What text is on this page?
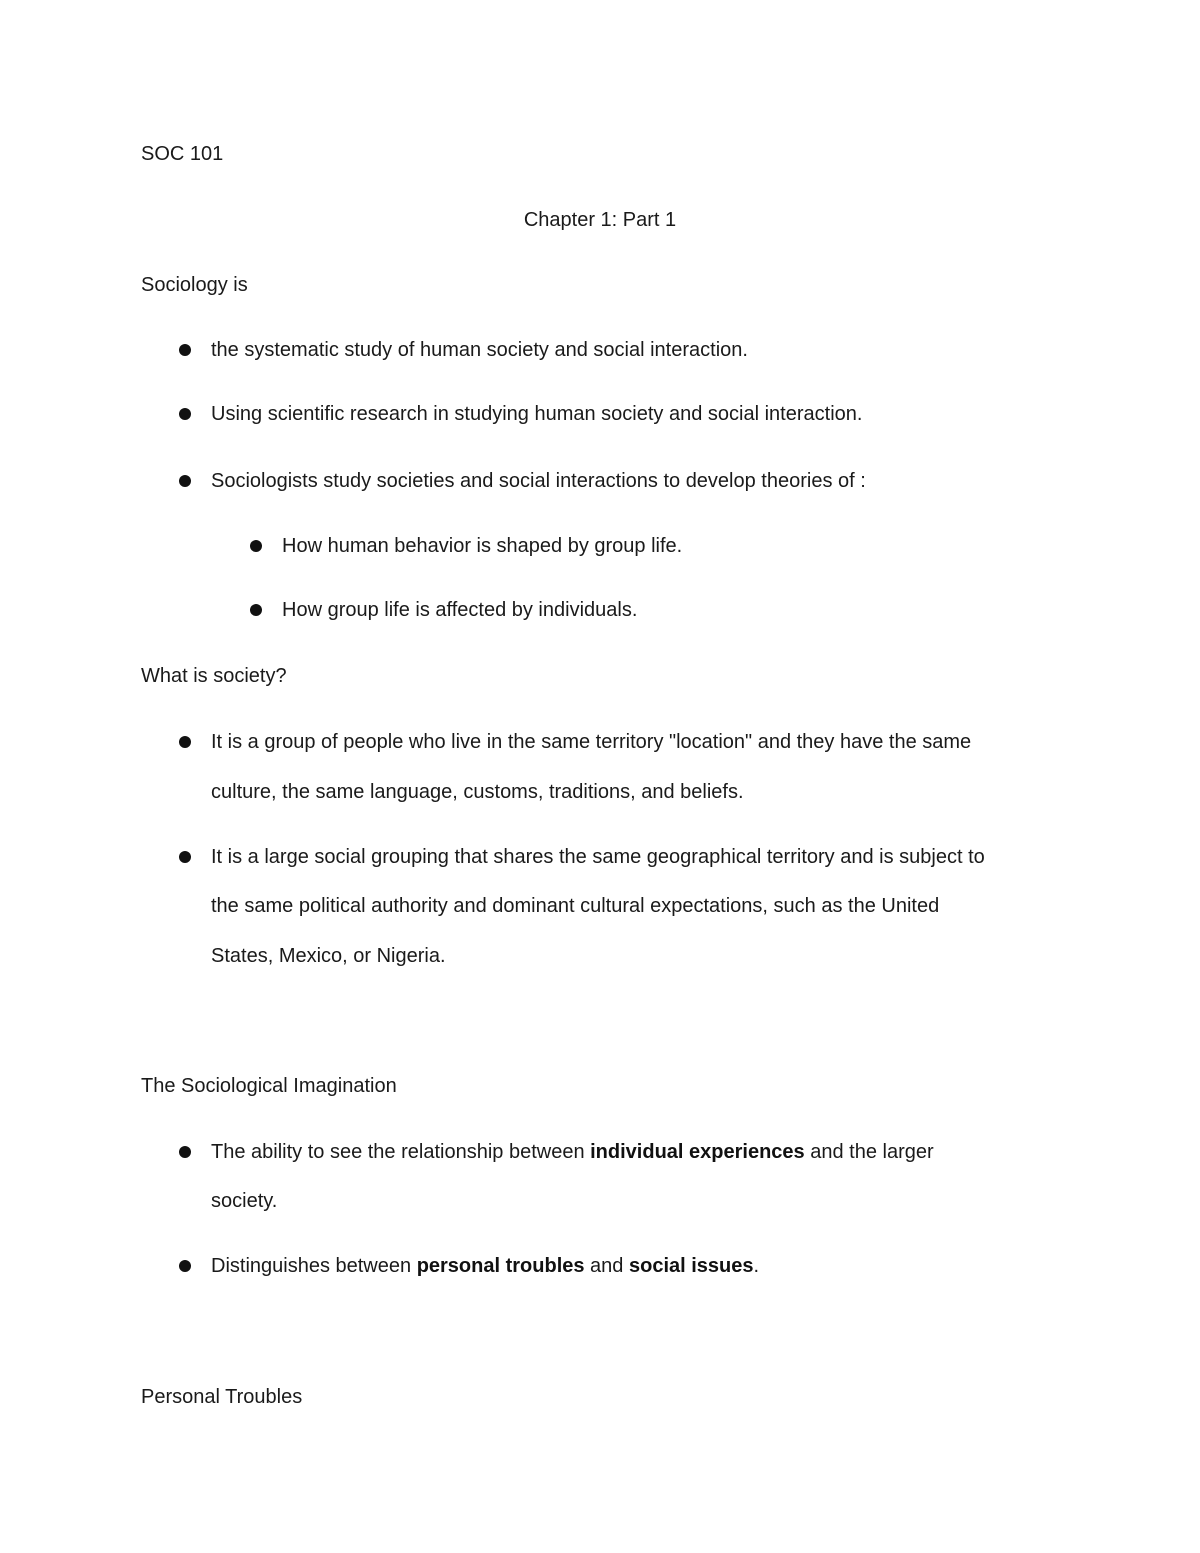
SOC 101
Chapter 1: Part 1
Sociology is
the systematic study of human society and social interaction.
Using scientific research in studying human society and social interaction.
Sociologists study societies and social interactions to develop theories of :
How human behavior is shaped by group life.
How group life is affected by individuals.
What is society?
It is a group of people who live in the same territory "location" and they have the same
culture, the same language, customs, traditions, and beliefs.
It is a large social grouping that shares the same geographical territory and is subject to
the same political authority and dominant cultural expectations, such as the United
States, Mexico, or Nigeria.
The Sociological Imagination
The ability to see the relationship between individual experiences and the larger
society.
Distinguishes between personal troubles and social issues.
Personal Troubles
